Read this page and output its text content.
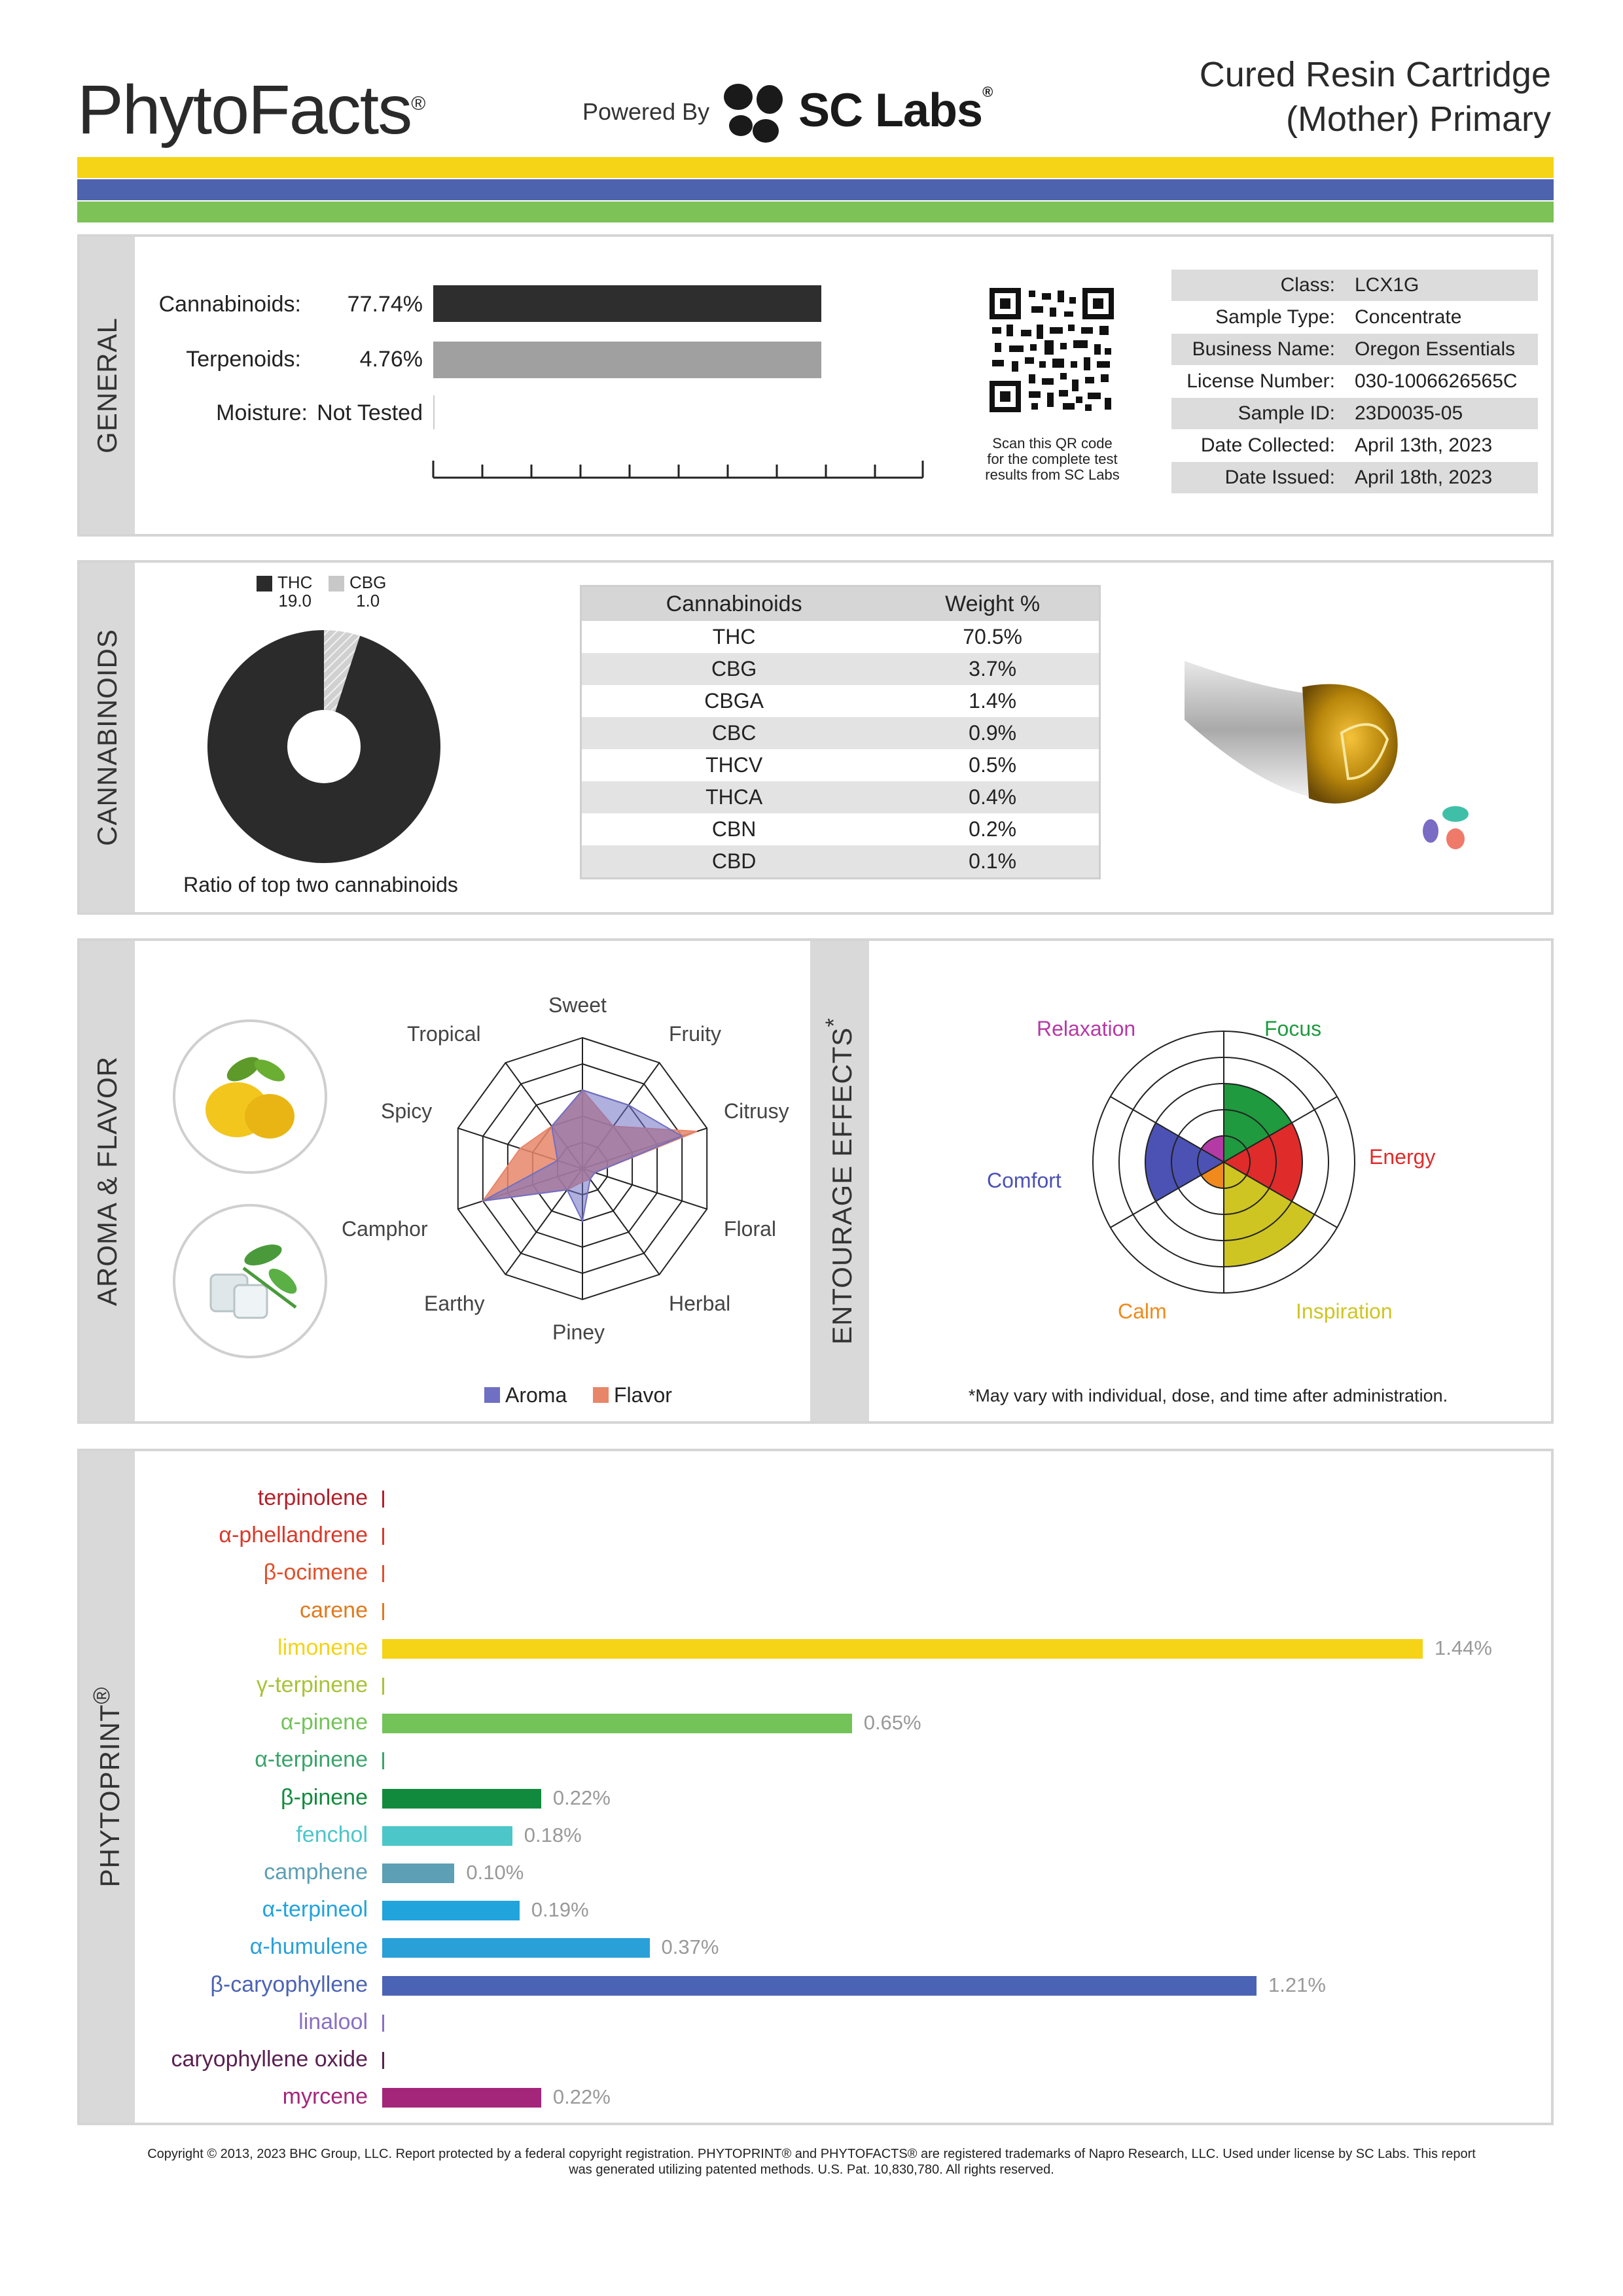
PhytoFacts®	Powered By SC Labs®	Cured Resin Cartridge
(Mother) Primary
GENERAL
Cannabinoids:	77.74%
Terpenoids:	4.76%
Moisture: Not Tested
Scan this QR code
for the complete test
results from SC Labs
Class: LCX1G
Sample Type: Concentrate
Business Name: Oregon Essentials
License Number: 030-1006626565C
Sample ID: 23D0035-05
Date Collected: April 13th, 2023
Date Issued: April 18th, 2023
CANNABINOIDS
THC
19.0
CBG
1.0
Ratio of top two cannabinoids
Cannabinoids	Weight %
THC	70.5%
CBG	3.7%
CBGA	1.4%
CBC	0.9%
THCV	0.5%
THCA	0.4%
CBN	0.2%
CBD	0.1%
AROMA & FLAVOR	ENTOURAGE EFFECTS*
Sweet
Fruity
Citrusy
Floral
Herbal
Piney
Earthy
Camphor
Spicy
Tropical
Aroma Flavor
Relaxation	Focus
Energy
Inspiration
Calm
Comfort
*May vary with individual, dose, and time after administration.
PHYTOPRINT®
terpinolene
α-phellandrene
β-ocimene
carene
limonene	1.44%
γ-terpinene
α-pinene	0.65%
α-terpinene
β-pinene	0.22%
fenchol	0.18%
camphene	0.10%
α-terpineol	0.19%
α-humulene	0.37%
β-caryophyllene	1.21%
linalool
caryophyllene oxide
myrcene	0.22%
Copyright © 2013, 2023 BHC Group, LLC. Report protected by a federal copyright registration. PHYTOPRINT® and PHYTOFACTS® are registered trademarks of Napro Research, LLC. Used under license by SC Labs. This report
was generated utilizing patented methods. U.S. Pat. 10,830,780. All rights reserved.
